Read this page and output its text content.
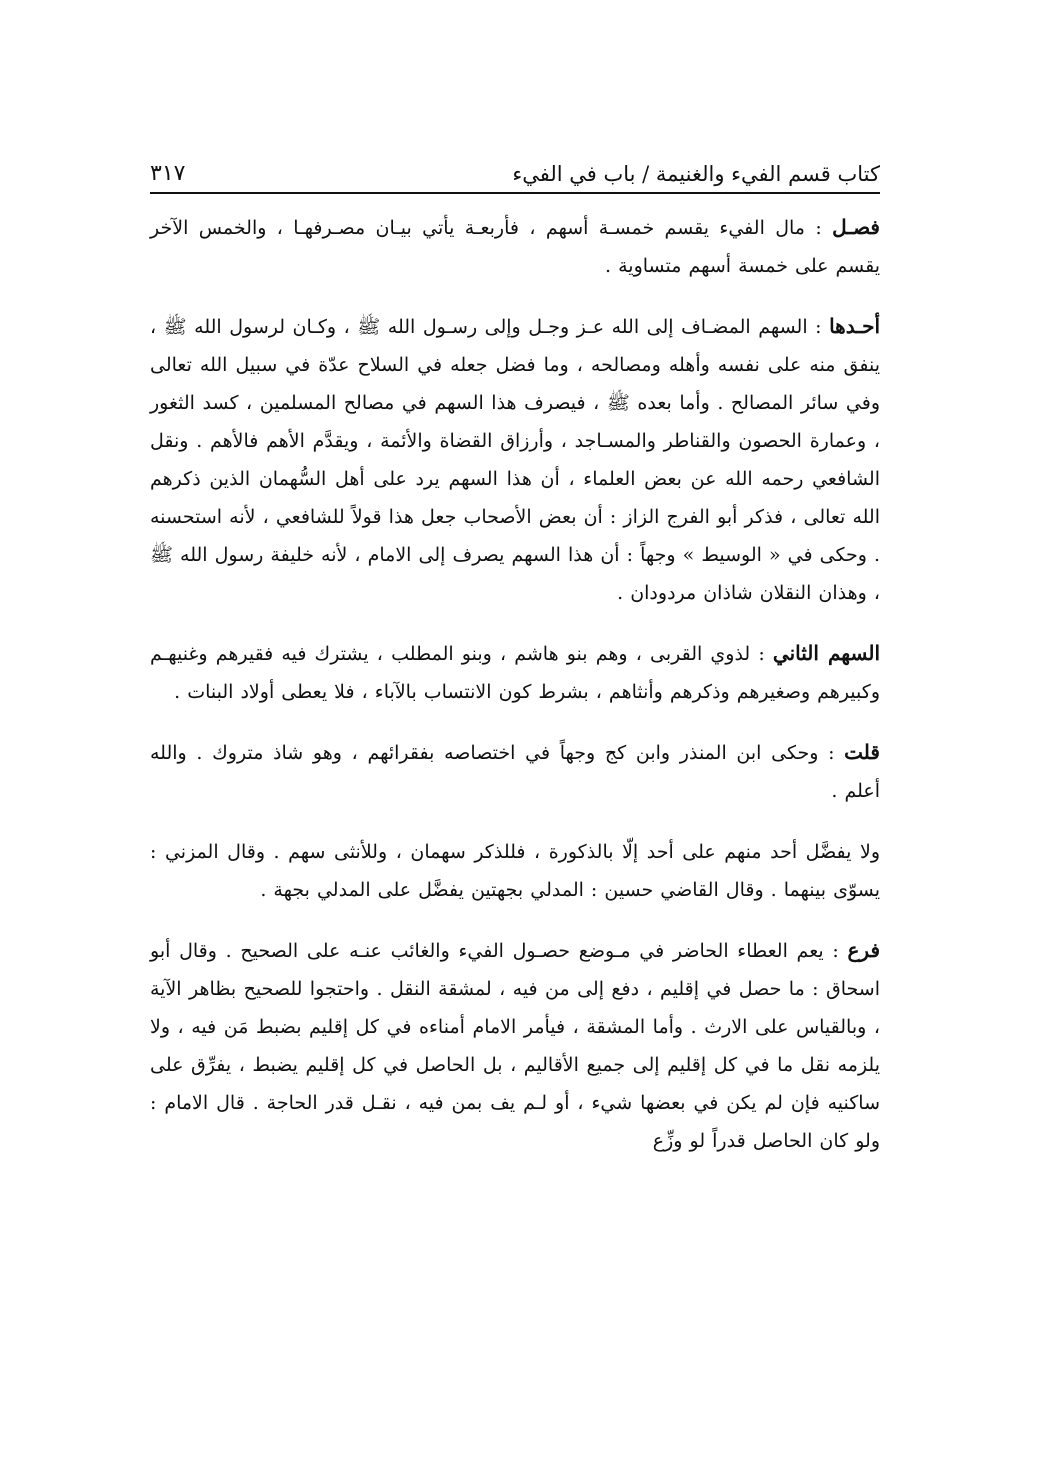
كتاب قسم الفيء والغنيمة / باب في الفيء
٣١٧

فصـل : مال الفيء يقسم خمسـة أسهم ، فأربعـة يأتي بيـان مصـرفهـا ، والخمس الآخر يقسم على خمسة أسهم متساوية .

أحـدها : السهم المضـاف إلى الله عـز وجـل وإلى رسـول الله ﷺ ، وكـان لرسول الله ﷺ ، ينفق منه على نفسه وأهله ومصالحه ، وما فضل جعله في السلاح عدّة في سبيل الله تعالى وفي سائر المصالح . وأما بعده ﷺ ، فيصرف هذا السهم في مصالح المسلمين ، كسد الثغور ، وعمارة الحصون والقناطر والمسـاجد ، وأرزاق القضاة والأئمة ، ويقدَّم الأهم فالأهم . ونقل الشافعي رحمه الله عن بعض العلماء ، أن هذا السهم يرد على أهل السُّهمان الذين ذكرهم الله تعالى ، فذكر أبو الفرج الزاز : أن بعض الأصحاب جعل هذا قولاً للشافعي ، لأنه استحسنه . وحكى في « الوسيط » وجهاً : أن هذا السهم يصرف إلى الامام ، لأنه خليفة رسول الله ﷺ ، وهذان النقلان شاذان مردودان .

السهم الثاني : لذوي القربى ، وهم بنو هاشم ، وبنو المطلب ، يشترك فيه فقيرهم وغنيهـم وكبيرهم وصغيرهم وذكرهم وأنثاهم ، بشرط كون الانتساب بالآباء ، فلا يعطى أولاد البنات .

قلت : وحكى ابن المنذر وابن كج وجهاً في اختصاصه بفقرائهم ، وهو شاذ متروك . والله أعلم .

ولا يفضَّل أحد منهم على أحد إلّا بالذكورة ، فللذكر سهمان ، وللأنثى سهم . وقال المزني : يسوّى بينهما . وقال القاضي حسين : المدلي بجهتين يفضَّل على المدلي بجهة .

فرع : يعم العطاء الحاضر في مـوضع حصـول الفيء والغائب عنـه على الصحيح . وقال أبو اسحاق : ما حصل في إقليم ، دفع إلى من فيه ، لمشقة النقل . واحتجوا للصحيح بظاهر الآية ، وبالقياس على الارث . وأما المشقة ، فيأمر الامام أمناءه في كل إقليم بضبط مَن فيه ، ولا يلزمه نقل ما في كل إقليم إلى جميع الأقاليم ، بل الحاصل في كل إقليم يضبط ، يفرِّق على ساكنيه فإن لم يكن في بعضها شيء ، أو لـم يف بمن فيه ، نقـل قدر الحاجة . قال الامام : ولو كان الحاصل قدراً لو وزِّع
